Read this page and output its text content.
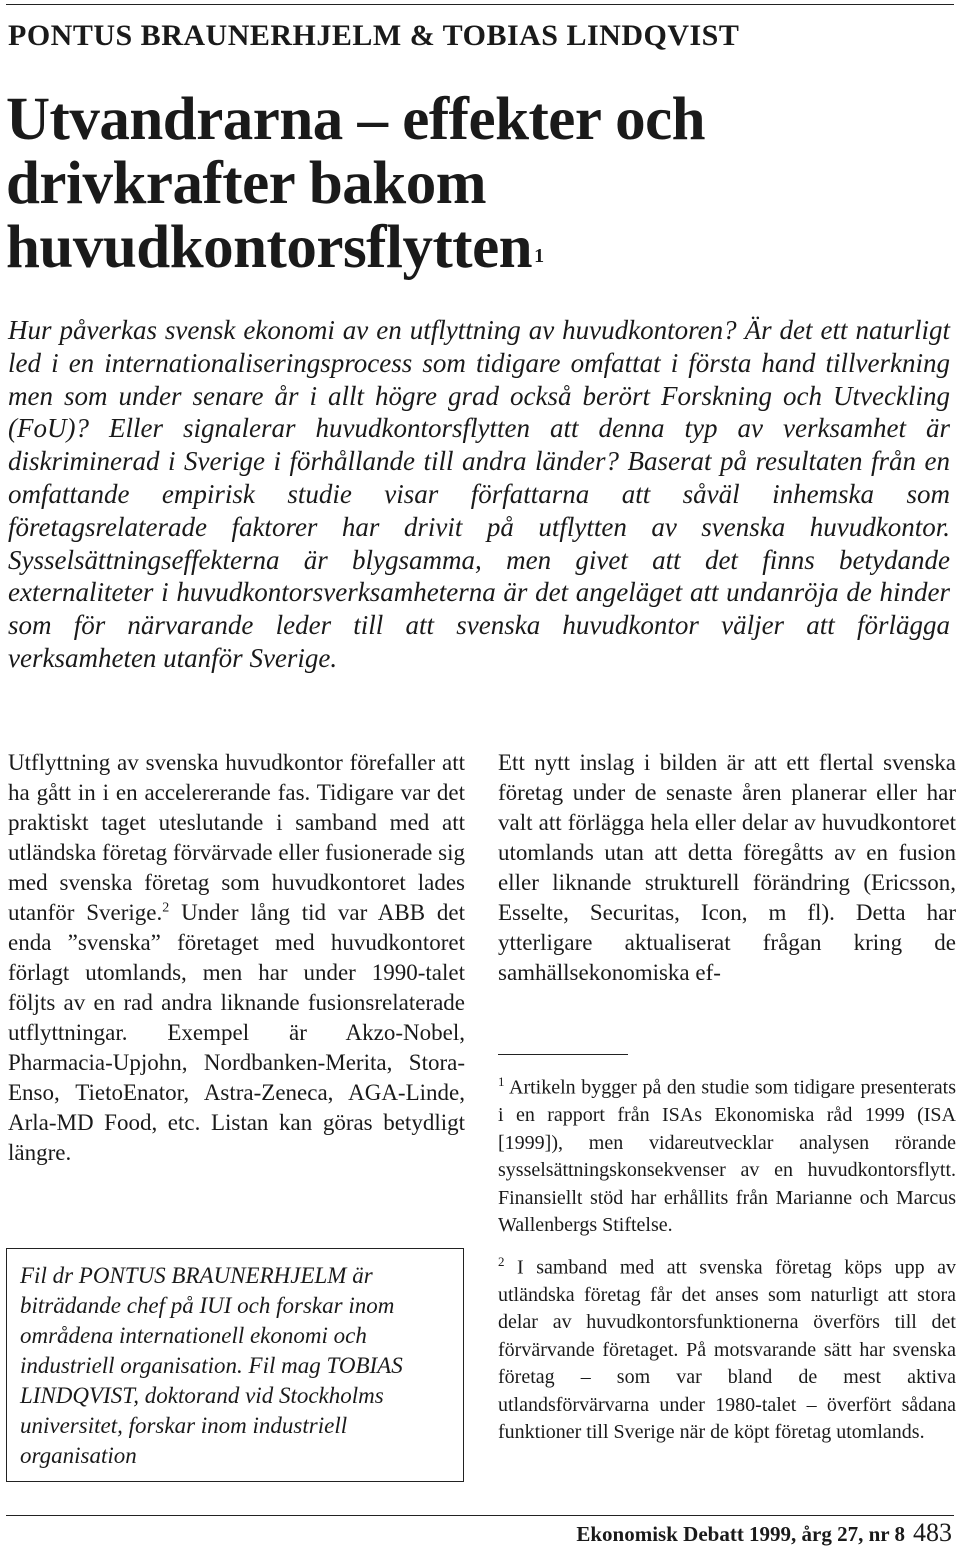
PONTUS BRAUNERHJELM & TOBIAS LINDQVIST
Utvandrarna – effekter och drivkrafter bakom huvudkontorsflytten $^1$

Hur påverkas svensk ekonomi av en utflyttning av huvudkontoren? Är det ett naturligt led i en internationaliseringsprocess som tidigare omfattat i första hand tillverkning men som under senare år i allt högre grad också berört Forskning och Utveckling (FoU)? Eller signalerar huvudkontorsflytten att denna typ av verksamhet är diskriminerad i Sverige i förhållande till andra länder? Baserat på resultaten från en omfattande empirisk studie visar författarna att såväl inhemska som företagsrelaterade faktorer har drivit på utflytten av svenska huvudkontor. Sysselsättningseffekterna är blygsamma, men givet att det finns betydande externaliteter i huvudkontorsverksamheterna är det angeläget att undanröja de hinder som för närvarande leder till att svenska huvudkontor väljer att förlägga verksamheten utanför Sverige.

Utflyttning av svenska huvudkontor förefaller att ha gått in i en accelererande fas. Tidigare var det praktiskt taget uteslutande i samband med att utländska företag förvärvade eller fusionerade sig med svenska företag som huvudkontoret lades utanför Sverige.$^2$ Under lång tid var ABB det enda ”svenska” företaget med huvudkontoret förlagt utomlands, men har under 1990-talet följts av en rad andra liknande fusionsrelaterade utflyttningar. Exempel är Akzo-Nobel, Pharmacia-Upjohn, Nordbanken-Merita, Stora-Enso, TietoEnator, Astra-Zeneca, AGA-Linde, Arla-MD Food, etc. Listan kan göras betydligt längre.

Ett nytt inslag i bilden är att ett flertal svenska företag under de senaste åren planerar eller har valt att förlägga hela eller delar av huvudkontoret utomlands utan att detta föregåtts av en fusion eller liknande strukturell förändring (Ericsson, Esselte, Securitas, Icon, m fl). Detta har ytterligare aktualiserat frågan kring de samhällsekonomiska ef-

Fil dr PONTUS BRAUNERHJELM är biträdande chef på IUI och forskar inom områdena internationell ekonomi och industriell organisation. Fil mag TOBIAS LINDQVIST, doktorand vid Stockholms universitet, forskar inom industriell organisation

$^1$ Artikeln bygger på den studie som tidigare presenterats i en rapport från ISAs Ekonomiska råd 1999 (ISA [1999]), men vidareutvecklar analysen rörande sysselsättningskonsekvenser av en huvudkontorsflytt. Finansiellt stöd har erhållits från Marianne och Marcus Wallenbergs Stiftelse.

$^2$ I samband med att svenska företag köps upp av utländska företag får det anses som naturligt att stora delar av huvudkontorsfunktionerna överförs till det förvärvande företaget. På motsvarande sätt har svenska företag – som var bland de mest aktiva utlandsförvärvarna under 1980-talet – överfört sådana funktioner till Sverige när de köpt företag utomlands.

Ekonomisk Debatt 1999, årg 27, nr 8 483
